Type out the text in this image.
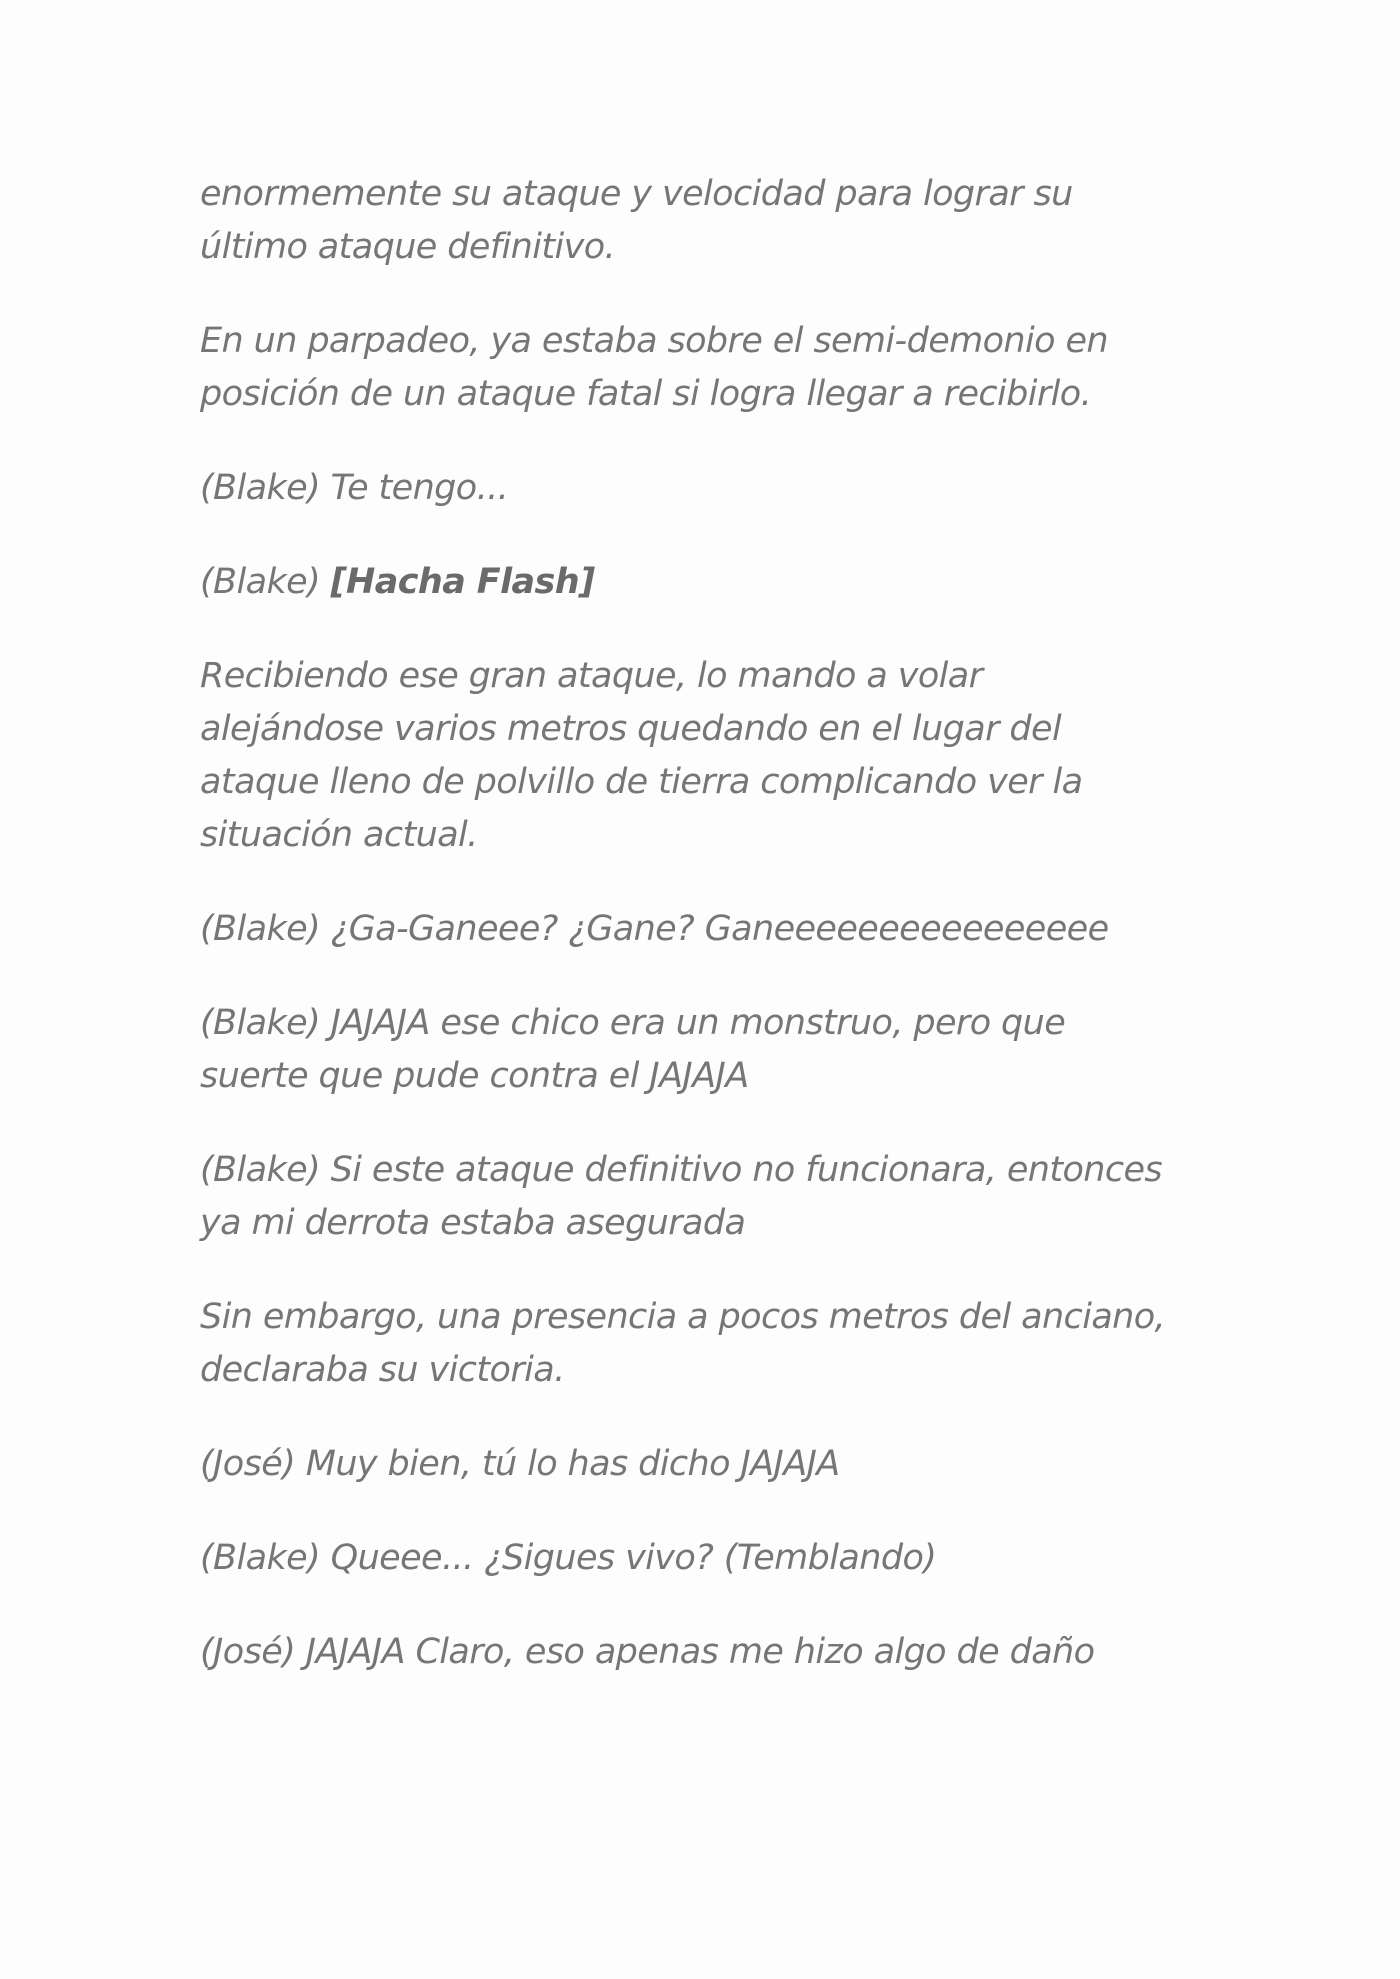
enormemente su ataque y velocidad para lograr su
último ataque definitivo.

En un parpadeo, ya estaba sobre el semi-demonio en
posición de un ataque fatal si logra llegar a recibirlo.

(Blake) Te tengo...

(Blake) [Hacha Flash]

Recibiendo ese gran ataque, lo mando a volar
alejándose varios metros quedando en el lugar del
ataque lleno de polvillo de tierra complicando ver la
situación actual.

(Blake) ¿Ga-Ganeee? ¿Gane? Ganeeeeeeeeeeeeeeee

(Blake) JAJAJA ese chico era un monstruo, pero que
suerte que pude contra el JAJAJA

(Blake) Si este ataque definitivo no funcionara, entonces
ya mi derrota estaba asegurada

Sin embargo, una presencia a pocos metros del anciano,
declaraba su victoria.

(José) Muy bien, tú lo has dicho JAJAJA

(Blake) Queee... ¿Sigues vivo? (Temblando)

(José) JAJAJA Claro, eso apenas me hizo algo de daño
